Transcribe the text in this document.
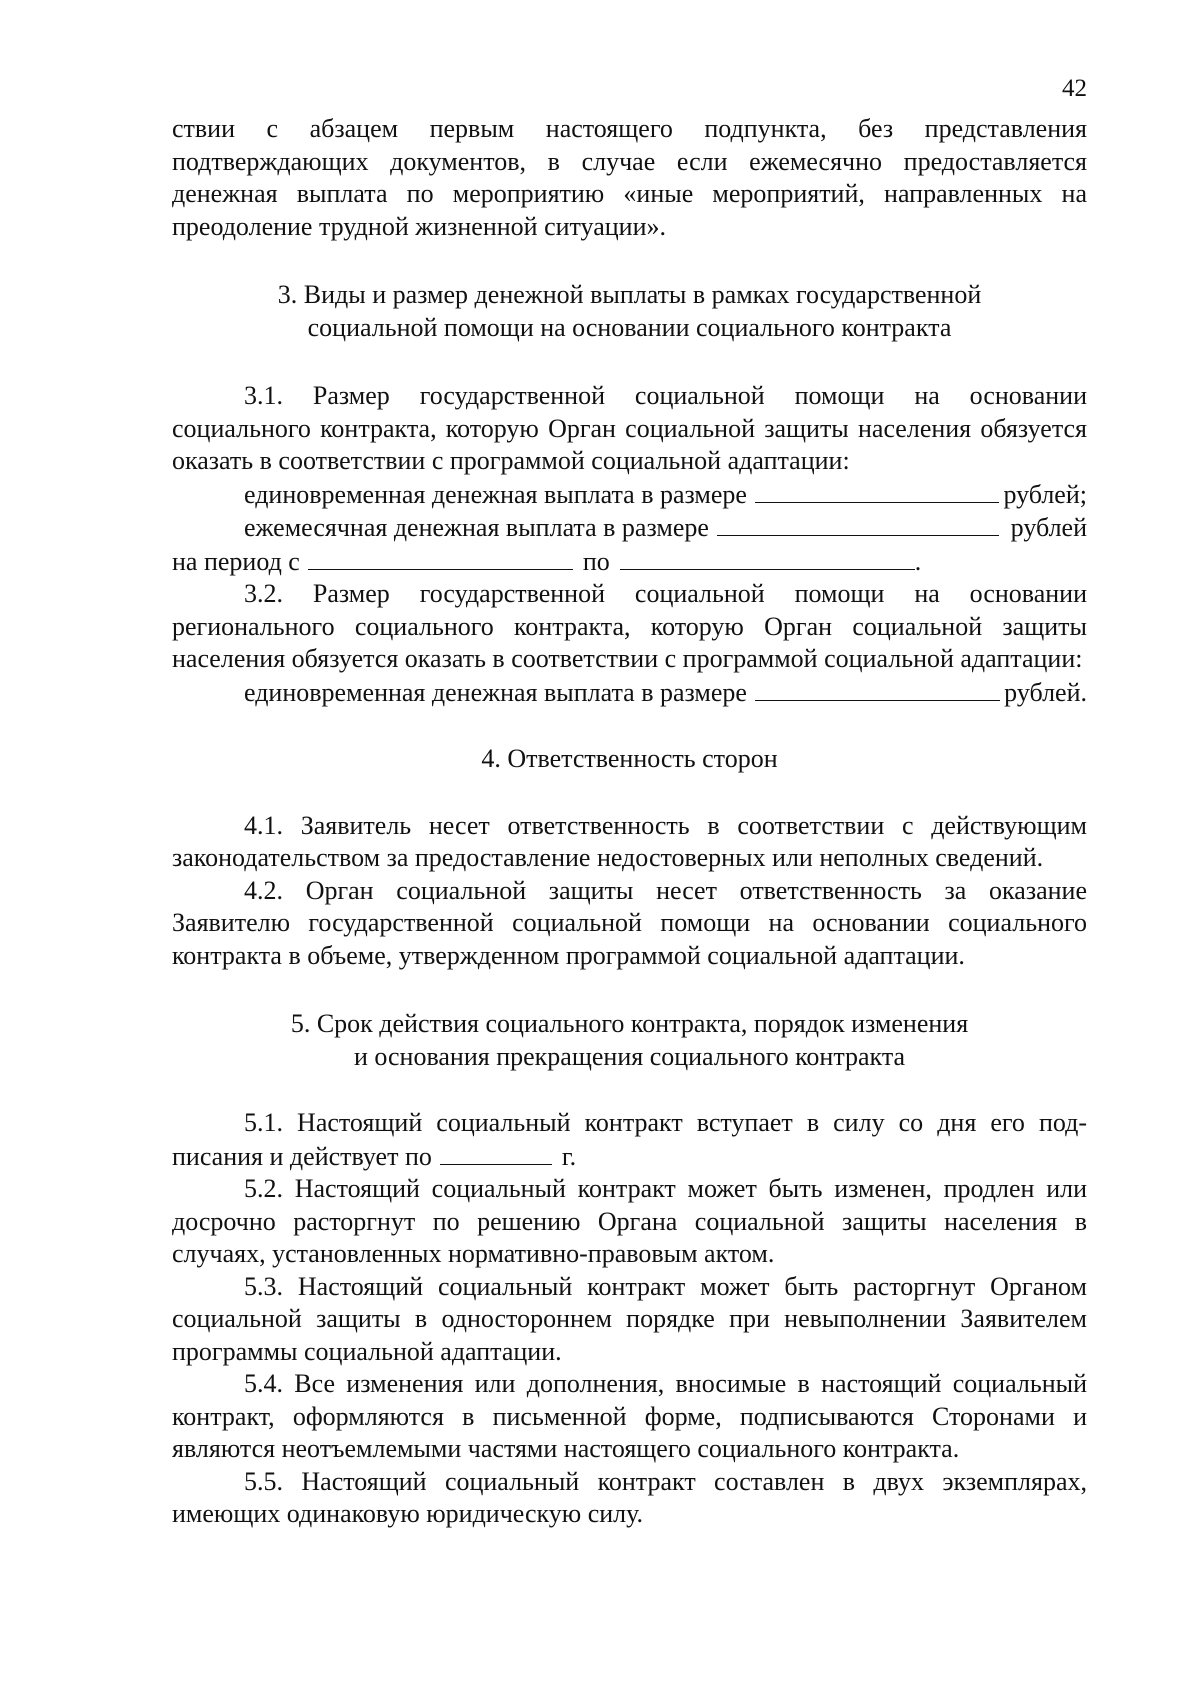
42

ствии с абзацем первым настоящего подпункта, без представления подтверждающих документов, в случае если ежемесячно предоставляется денежная выплата по мероприятию «иные мероприятий, направленных на преодоление трудной жизненной ситуации».

3. Виды и размер денежной выплаты в рамках государственной

социальной помощи на основании социального контракта

3.1. Размер государственной социальной помощи на основании социального контракта, которую Орган социальной защиты населения обязуется оказать в соответствии с программой социальной адаптации:

единовременная денежная выплата в размере	рублей;
ежемесячная денежная выплата в размере	рублей
на период с	по	.

3.2. Размер государственной социальной помощи на основании регионального социального контракта, которую Орган социальной защиты населения обязуется оказать в соответствии с программой социальной адаптации:

единовременная денежная выплата в размере	рублей.

4. Ответственность сторон

4.1. Заявитель несет ответственность в соответствии с действующим законодательством за предоставление недостоверных или неполных сведений.

4.2. Орган социальной защиты несет ответственность за оказание Заявителю государственной социальной помощи на основании социального контракта в объеме, утвержденном программой социальной адаптации.

5. Срок действия социального контракта, порядок изменения

и основания прекращения социального контракта

5.1. Настоящий социальный контракт вступает в силу со дня его под-

писания и действует по	г.

5.2. Настоящий социальный контракт может быть изменен, продлен или досрочно расторгнут по решению Органа социальной защиты населения в случаях, установленных нормативно-правовым актом.

5.3. Настоящий социальный контракт может быть расторгнут Органом социальной защиты в одностороннем порядке при невыполнении Заявителем программы социальной адаптации.

5.4. Все изменения или дополнения, вносимые в настоящий социальный контракт, оформляются в письменной форме, подписываются Сторонами и являются неотъемлемыми частями настоящего социального контракта.

5.5. Настоящий социальный контракт составлен в двух экземплярах, имеющих одинаковую юридическую силу.
